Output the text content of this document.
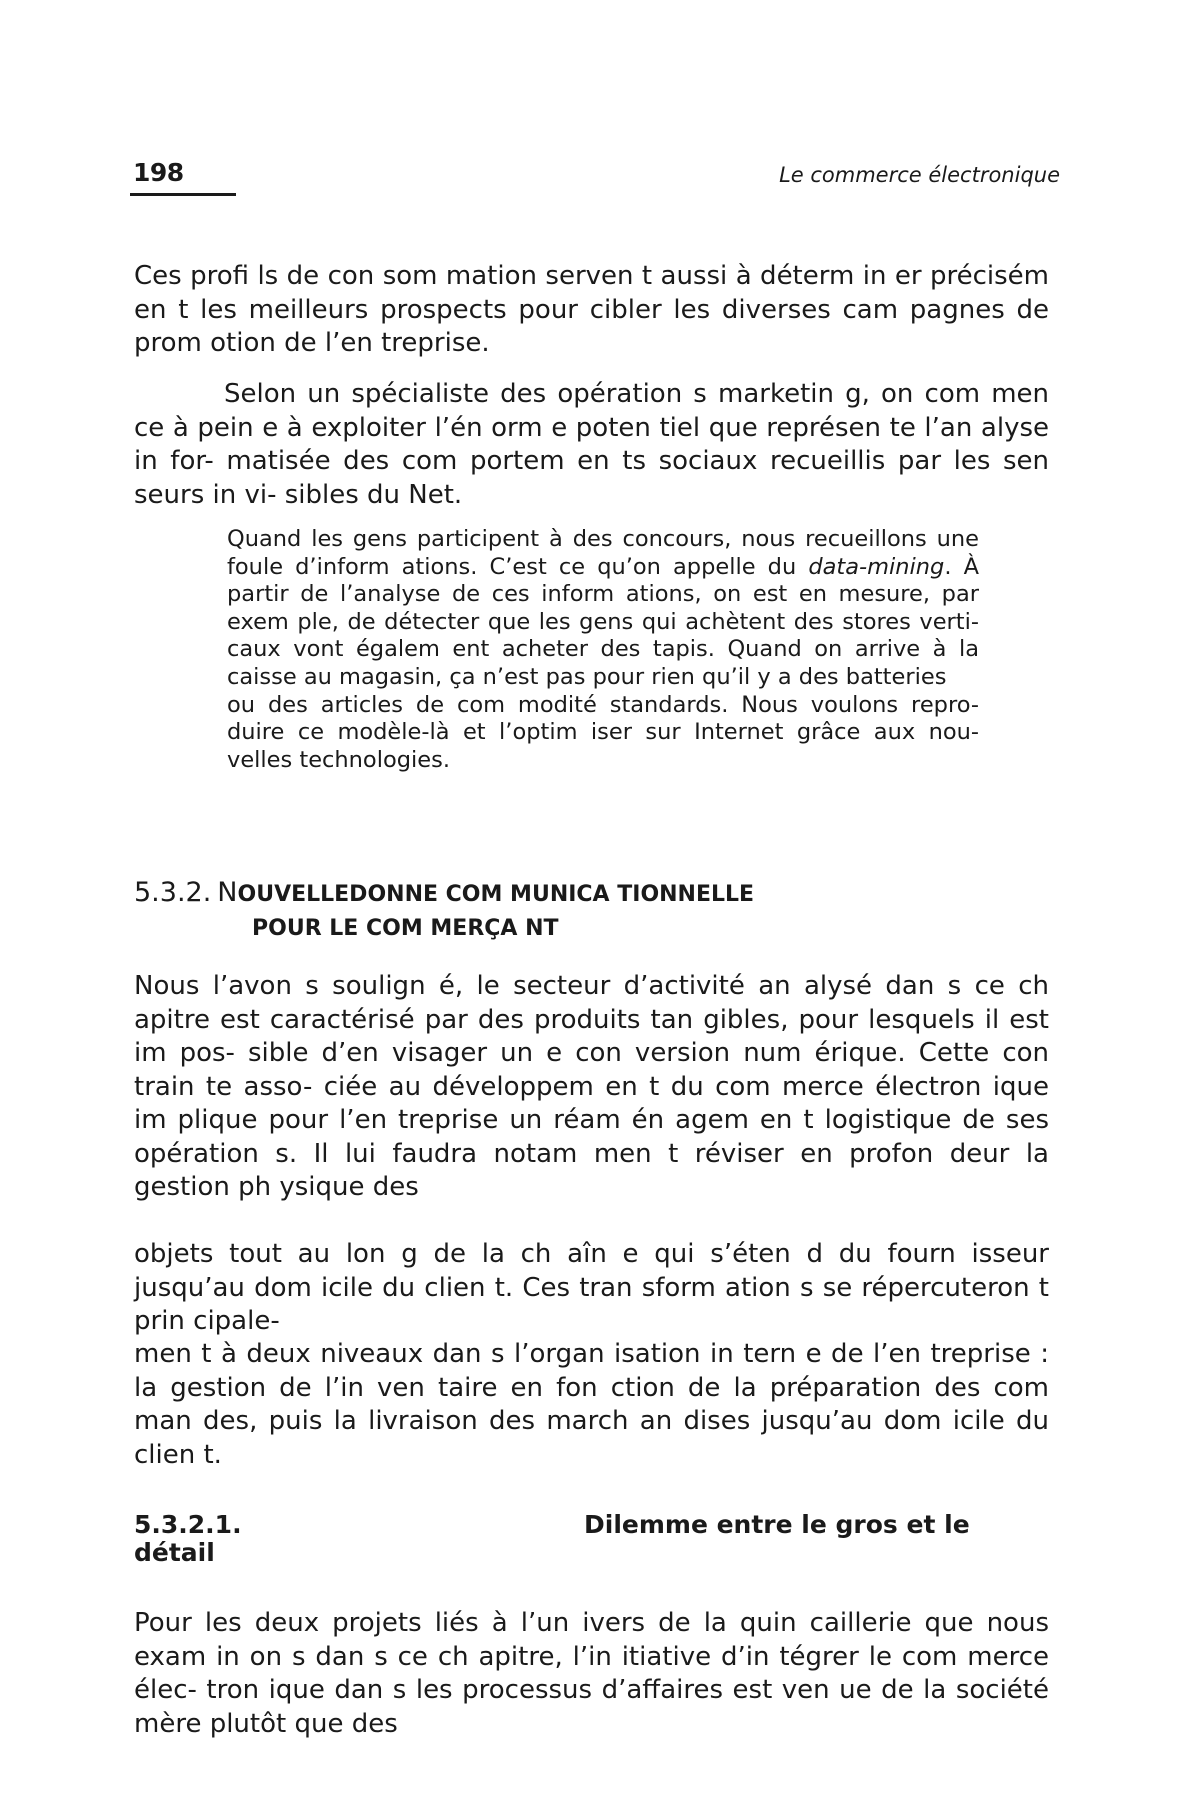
198	Le commerce électronique

Ces profi ls de con som mation serven t aussi à déterm in er précisém en t les meilleurs prospects pour cibler les diverses cam pagnes de prom otion de l’en treprise.

Selon un spécialiste des opération s marketin g, on com men ce à pein e à exploiter l’én orm e poten tiel que représen te l’an alyse in for- matisée des com portem en ts sociaux recueillis par les sen seurs in vi- sibles du Net.

Quand les gens participent à des concours, nous recueillons une foule d’inform ations. C’est ce qu’on appelle du data-mining. À partir de l’analyse de ces inform ations, on est en mesure, par exem ple, de détecter que les gens qui achètent des stores verti- caux vont égalem ent acheter des tapis. Quand on arrive à la caisse au magasin, ça n’est pas pour rien qu’il y a des batteries

ou des articles de com modité standards. Nous voulons repro- duire ce modèle-là et l’optim iser sur Internet grâce aux nou- velles technologies.

5.3.2. NOUVELLEDONNE COM MUNICA TIONNELLE
POUR LE COM MERÇA NT

Nous l’avon s soulign é, le secteur d’activité an alysé dan s ce ch apitre est caractérisé par des produits tan gibles, pour lesquels il est im pos- sible d’en visager un e con version num érique. Cette con train te asso- ciée au développem en t du com merce électron ique im plique pour l’en treprise un réam én agem en t logistique de ses opération s. Il lui faudra notam men t réviser en profon deur la gestion ph ysique des

objets tout au lon g de la ch aîn e qui s’éten d du fourn isseur jusqu’au dom icile du clien t. Ces tran sform ation s se répercuteron t prin cipale-

men t à deux niveaux dan s l’organ isation in tern e de l’en treprise : la gestion de l’in ven taire en fon ction de la préparation des com man des, puis la livraison des march an dises jusqu’au dom icile du clien t.

5.3.2.1.	Dilemme entre le gros et le détail

Pour les deux projets liés à l’un ivers de la quin caillerie que nous exam in on s dan s ce ch apitre, l’in itiative d’in tégrer le com merce élec- tron ique dan s les processus d’affaires est ven ue de la société mère plutôt que des
